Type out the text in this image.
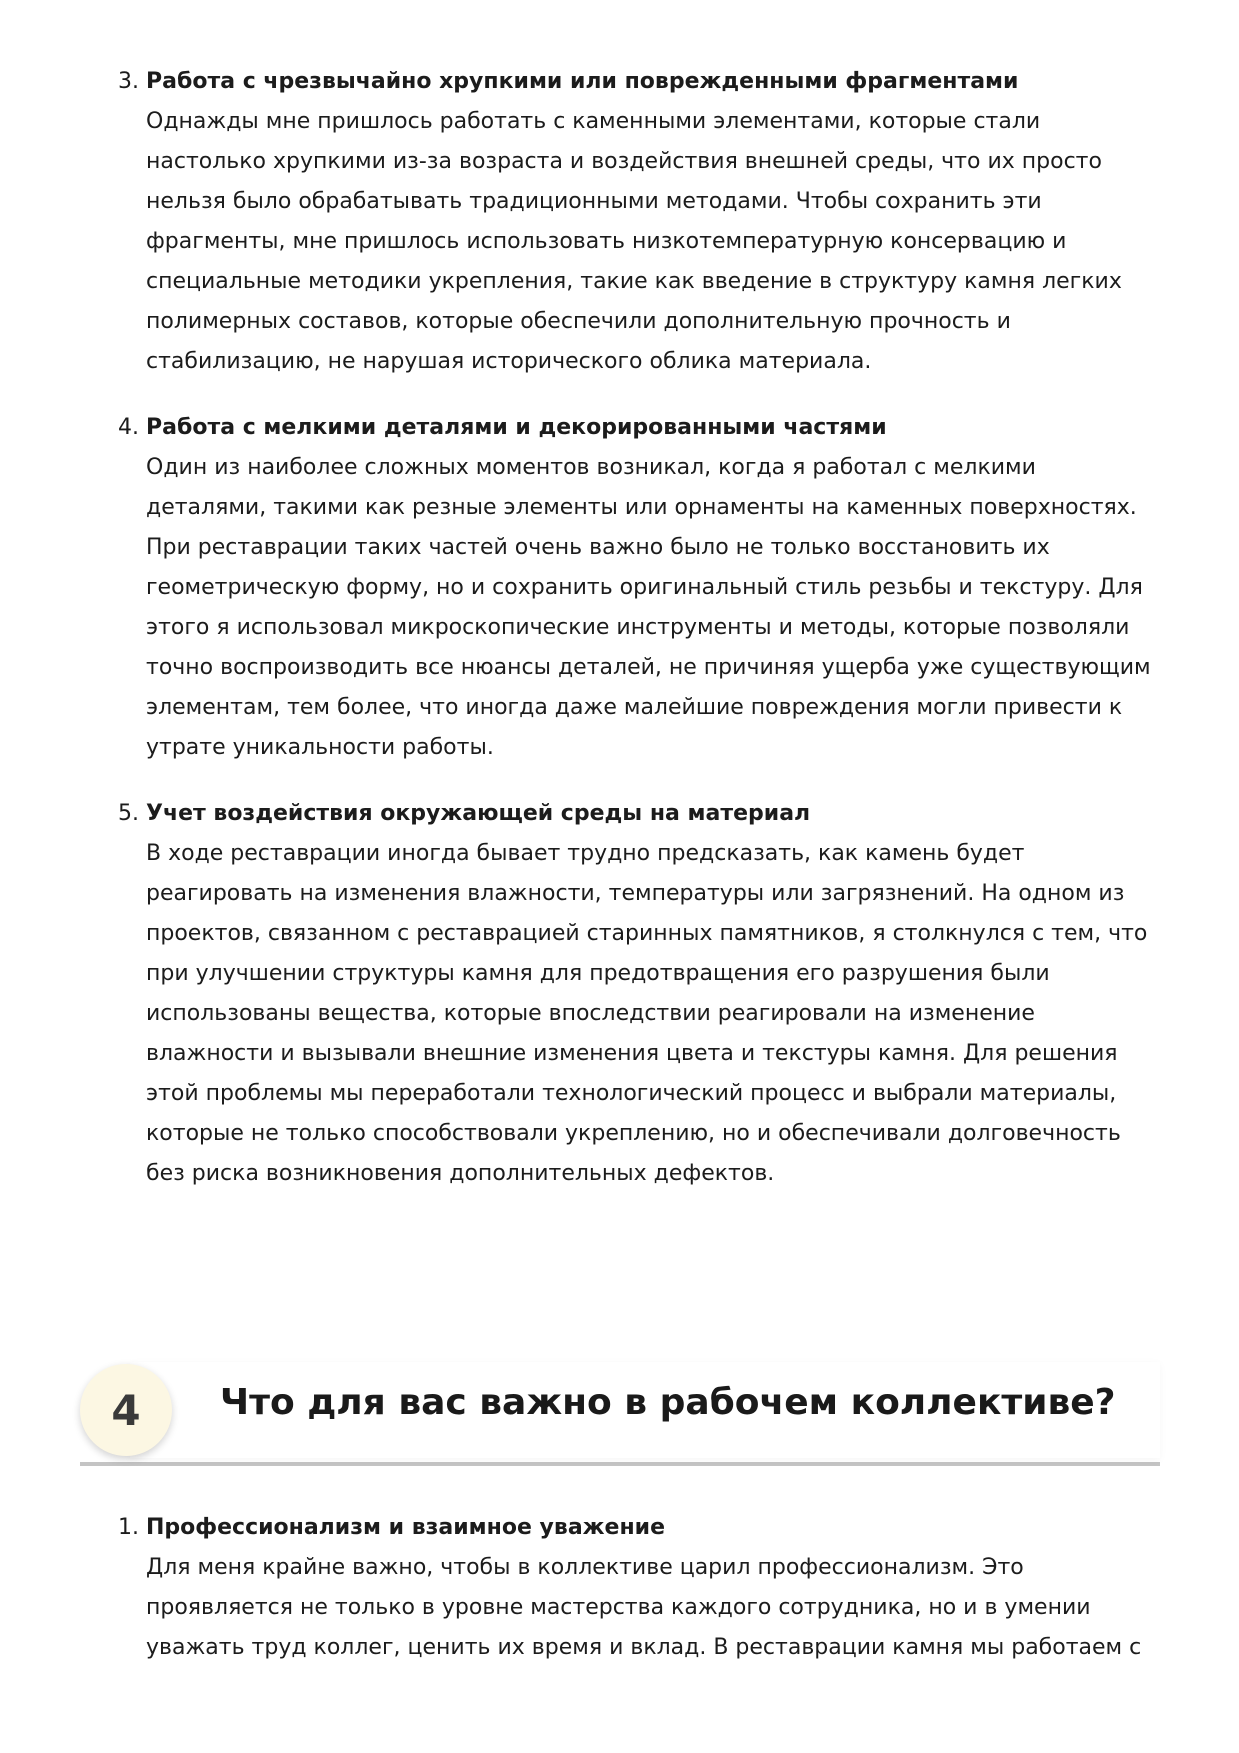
3. Работа с чрезвычайно хрупкими или поврежденными фрагментами
Однажды мне пришлось работать с каменными элементами, которые стали настолько хрупкими из-за возраста и воздействия внешней среды, что их просто нельзя было обрабатывать традиционными методами. Чтобы сохранить эти фрагменты, мне пришлось использовать низкотемпературную консервацию и специальные методики укрепления, такие как введение в структуру камня легких полимерных составов, которые обеспечили дополнительную прочность и стабилизацию, не нарушая исторического облика материала.
4. Работа с мелкими деталями и декорированными частями
Один из наиболее сложных моментов возникал, когда я работал с мелкими деталями, такими как резные элементы или орнаменты на каменных поверхностях. При реставрации таких частей очень важно было не только восстановить их геометрическую форму, но и сохранить оригинальный стиль резьбы и текстуру. Для этого я использовал микроскопические инструменты и методы, которые позволяли точно воспроизводить все нюансы деталей, не причиняя ущерба уже существующим элементам, тем более, что иногда даже малейшие повреждения могли привести к утрате уникальности работы.
5. Учет воздействия окружающей среды на материал
В ходе реставрации иногда бывает трудно предсказать, как камень будет реагировать на изменения влажности, температуры или загрязнений. На одном из проектов, связанном с реставрацией старинных памятников, я столкнулся с тем, что при улучшении структуры камня для предотвращения его разрушения были использованы вещества, которые впоследствии реагировали на изменение влажности и вызывали внешние изменения цвета и текстуры камня. Для решения этой проблемы мы переработали технологический процесс и выбрали материалы, которые не только способствовали укреплению, но и обеспечивали долговечность без риска возникновения дополнительных дефектов.
4	Что для вас важно в рабочем коллективе?
1. Профессионализм и взаимное уважение
Для меня крайне важно, чтобы в коллективе царил профессионализм. Это проявляется не только в уровне мастерства каждого сотрудника, но и в умении уважать труд коллег, ценить их время и вклад. В реставрации камня мы работаем с
